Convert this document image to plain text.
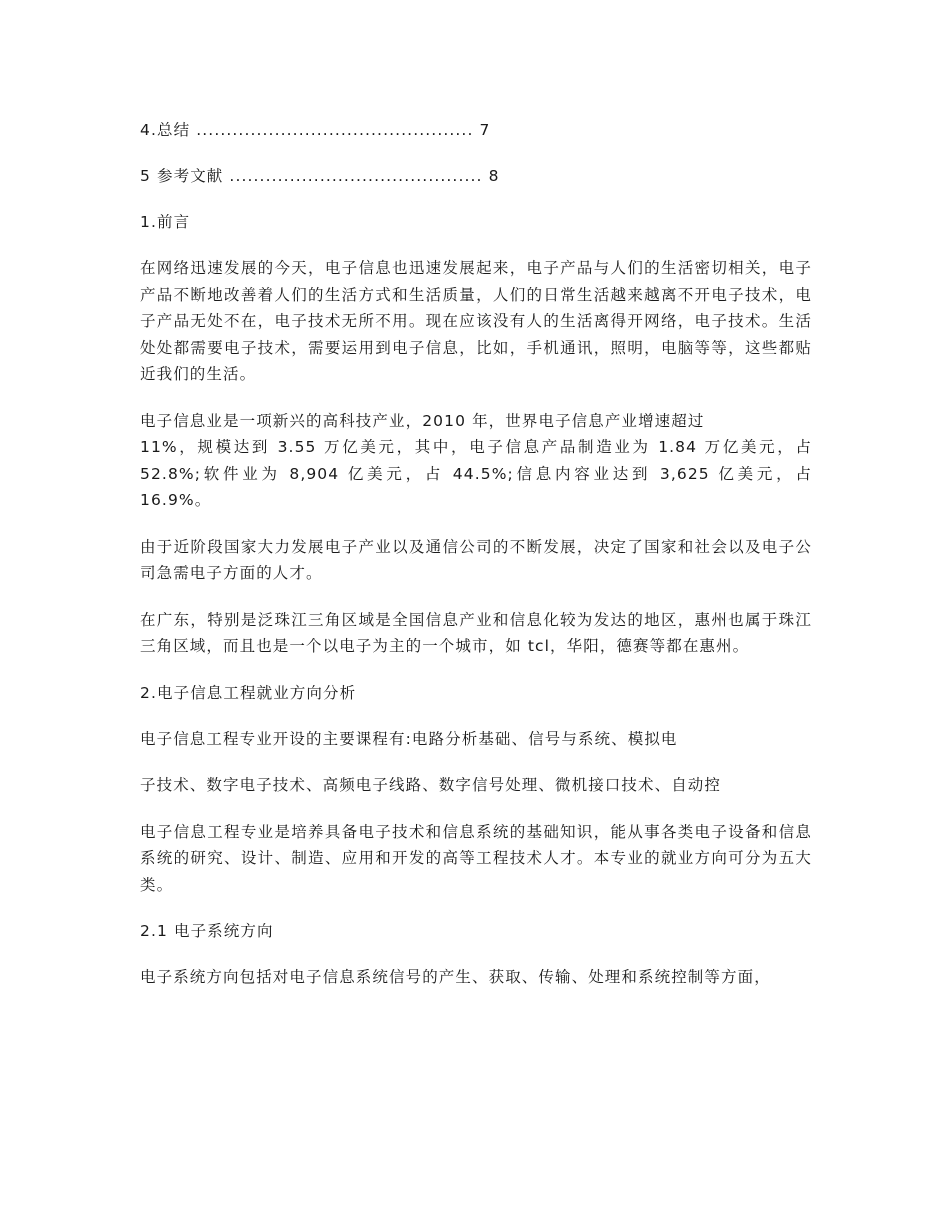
4.总结 .............................................. 7
5 参考文献 .......................................... 8
1.前言

在网络迅速发展的今天，电子信息也迅速发展起来，电子产品与人们的生活密切相关，电子产品不断地改善着人们的生活方式和生活质量，人们的日常生活越来越离不开电子技术，电子产品无处不在，电子技术无所不用。现在应该没有人的生活离得开网络，电子技术。生活处处都需要电子技术，需要运用到电子信息，比如，手机通讯，照明，电脑等等，这些都贴近我们的生活。

电子信息业是一项新兴的高科技产业，2010 年，世界电子信息产业增速超过
11%，规模达到 3.55 万亿美元，其中，电子信息产品制造业为 1.84 万亿美元，占 52.8%;软件业为 8,904 亿美元，占 44.5%;信息内容业达到 3,625 亿美元，占 16.9%。

由于近阶段国家大力发展电子产业以及通信公司的不断发展，决定了国家和社会以及电子公司急需电子方面的人才。

在广东，特别是泛珠江三角区域是全国信息产业和信息化较为发达的地区，惠州也属于珠江三角区域，而且也是一个以电子为主的一个城市，如 tcl，华阳，德赛等都在惠州。

2.电子信息工程就业方向分析

电子信息工程专业开设的主要课程有:电路分析基础、信号与系统、模拟电

子技术、数字电子技术、高频电子线路、数字信号处理、微机接口技术、自动控

电子信息工程专业是培养具备电子技术和信息系统的基础知识，能从事各类电子设备和信息系统的研究、设计、制造、应用和开发的高等工程技术人才。本专业的就业方向可分为五大类。

2.1 电子系统方向

电子系统方向包括对电子信息系统信号的产生、获取、传输、处理和系统控制等方面，
